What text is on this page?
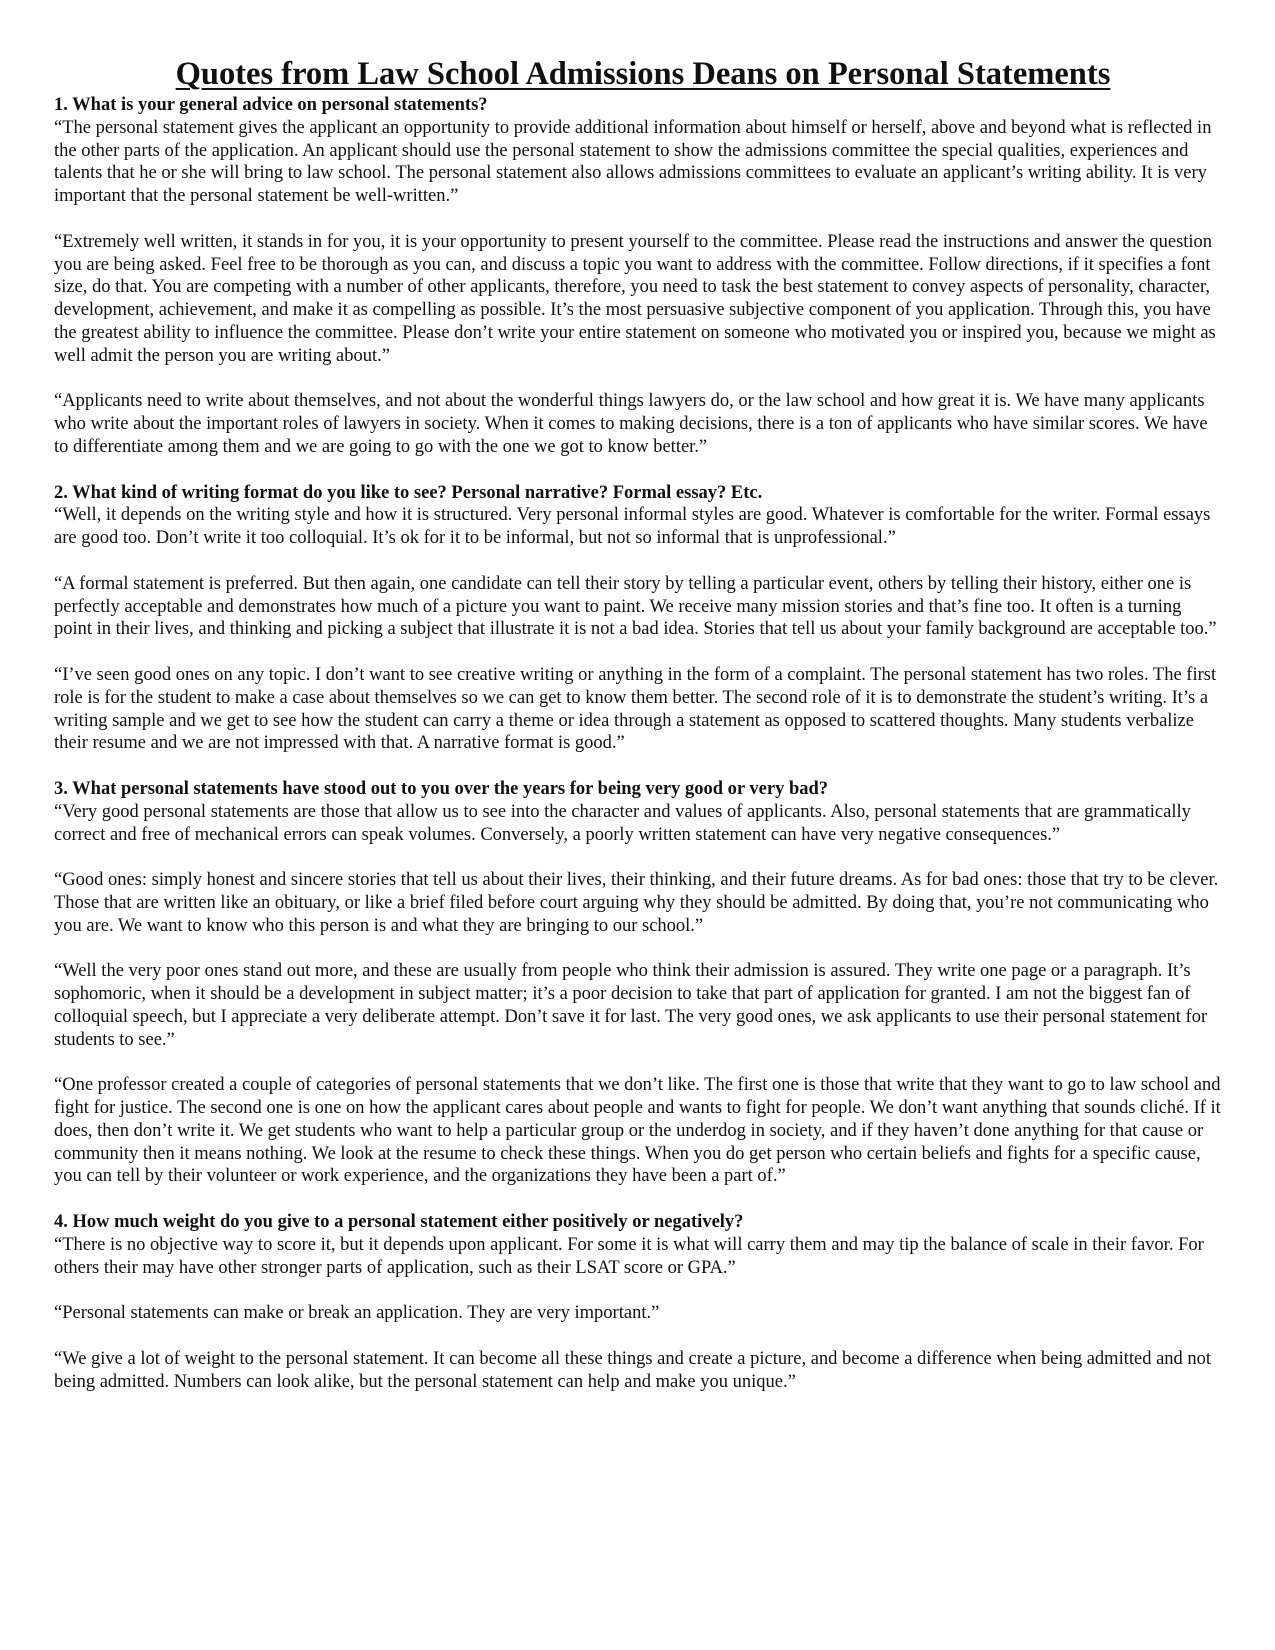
Quotes from Law School Admissions Deans on Personal Statements

1. What is your general advice on personal statements?

“The personal statement gives the applicant an opportunity to provide additional information about himself or herself, above and beyond what is reflected in the other parts of the application. An applicant should use the personal statement to show the admissions committee the special qualities, experiences and talents that he or she will bring to law school. The personal statement also allows admissions committees to evaluate an applicant’s writing ability. It is very important that the personal statement be well-written.”

“Extremely well written, it stands in for you, it is your opportunity to present yourself to the committee. Please read the instructions and answer the question you are being asked. Feel free to be thorough as you can, and discuss a topic you want to address with the committee. Follow directions, if it specifies a font size, do that. You are competing with a number of other applicants, therefore, you need to task the best statement to convey aspects of personality, character, development, achievement, and make it as compelling as possible. It’s the most persuasive subjective component of you application. Through this, you have the greatest ability to influence the committee. Please don’t write your entire statement on someone who motivated you or inspired you, because we might as well admit the person you are writing about.”

“Applicants need to write about themselves, and not about the wonderful things lawyers do, or the law school and how great it is. We have many applicants who write about the important roles of lawyers in society. When it comes to making decisions, there is a ton of applicants who have similar scores. We have to differentiate among them and we are going to go with the one we got to know better.”

2. What kind of writing format do you like to see? Personal narrative? Formal essay? Etc.

“Well, it depends on the writing style and how it is structured. Very personal informal styles are good. Whatever is comfortable for the writer. Formal essays are good too. Don’t write it too colloquial. It’s ok for it to be informal, but not so informal that is unprofessional.”

“A formal statement is preferred. But then again, one candidate can tell their story by telling a particular event, others by telling their history, either one is perfectly acceptable and demonstrates how much of a picture you want to paint. We receive many mission stories and that’s fine too. It often is a turning point in their lives, and thinking and picking a subject that illustrate it is not a bad idea. Stories that tell us about your family background are acceptable too.”

“I’ve seen good ones on any topic. I don’t want to see creative writing or anything in the form of a complaint. The personal statement has two roles. The first role is for the student to make a case about themselves so we can get to know them better. The second role of it is to demonstrate the student’s writing. It’s a writing sample and we get to see how the student can carry a theme or idea through a statement as opposed to scattered thoughts. Many students verbalize their resume and we are not impressed with that. A narrative format is good.”

3. What personal statements have stood out to you over the years for being very good or very bad?

“Very good personal statements are those that allow us to see into the character and values of applicants. Also, personal statements that are grammatically correct and free of mechanical errors can speak volumes. Conversely, a poorly written statement can have very negative consequences.”

“Good ones: simply honest and sincere stories that tell us about their lives, their thinking, and their future dreams. As for bad ones: those that try to be clever. Those that are written like an obituary, or like a brief filed before court arguing why they should be admitted. By doing that, you’re not communicating who you are. We want to know who this person is and what they are bringing to our school.”

“Well the very poor ones stand out more, and these are usually from people who think their admission is assured. They write one page or a paragraph. It’s sophomoric, when it should be a development in subject matter; it’s a poor decision to take that part of application for granted. I am not the biggest fan of colloquial speech, but I appreciate a very deliberate attempt. Don’t save it for last. The very good ones, we ask applicants to use their personal statement for students to see.”

“One professor created a couple of categories of personal statements that we don’t like. The first one is those that write that they want to go to law school and fight for justice. The second one is one on how the applicant cares about people and wants to fight for people. We don’t want anything that sounds cliché. If it does, then don’t write it. We get students who want to help a particular group or the underdog in society, and if they haven’t done anything for that cause or community then it means nothing. We look at the resume to check these things. When you do get person who certain beliefs and fights for a specific cause, you can tell by their volunteer or work experience, and the organizations they have been a part of.”

4. How much weight do you give to a personal statement either positively or negatively?

“There is no objective way to score it, but it depends upon applicant. For some it is what will carry them and may tip the balance of scale in their favor. For others their may have other stronger parts of application, such as their LSAT score or GPA.”

“Personal statements can make or break an application. They are very important.”

“We give a lot of weight to the personal statement. It can become all these things and create a picture, and become a difference when being admitted and not being admitted. Numbers can look alike, but the personal statement can help and make you unique.”
